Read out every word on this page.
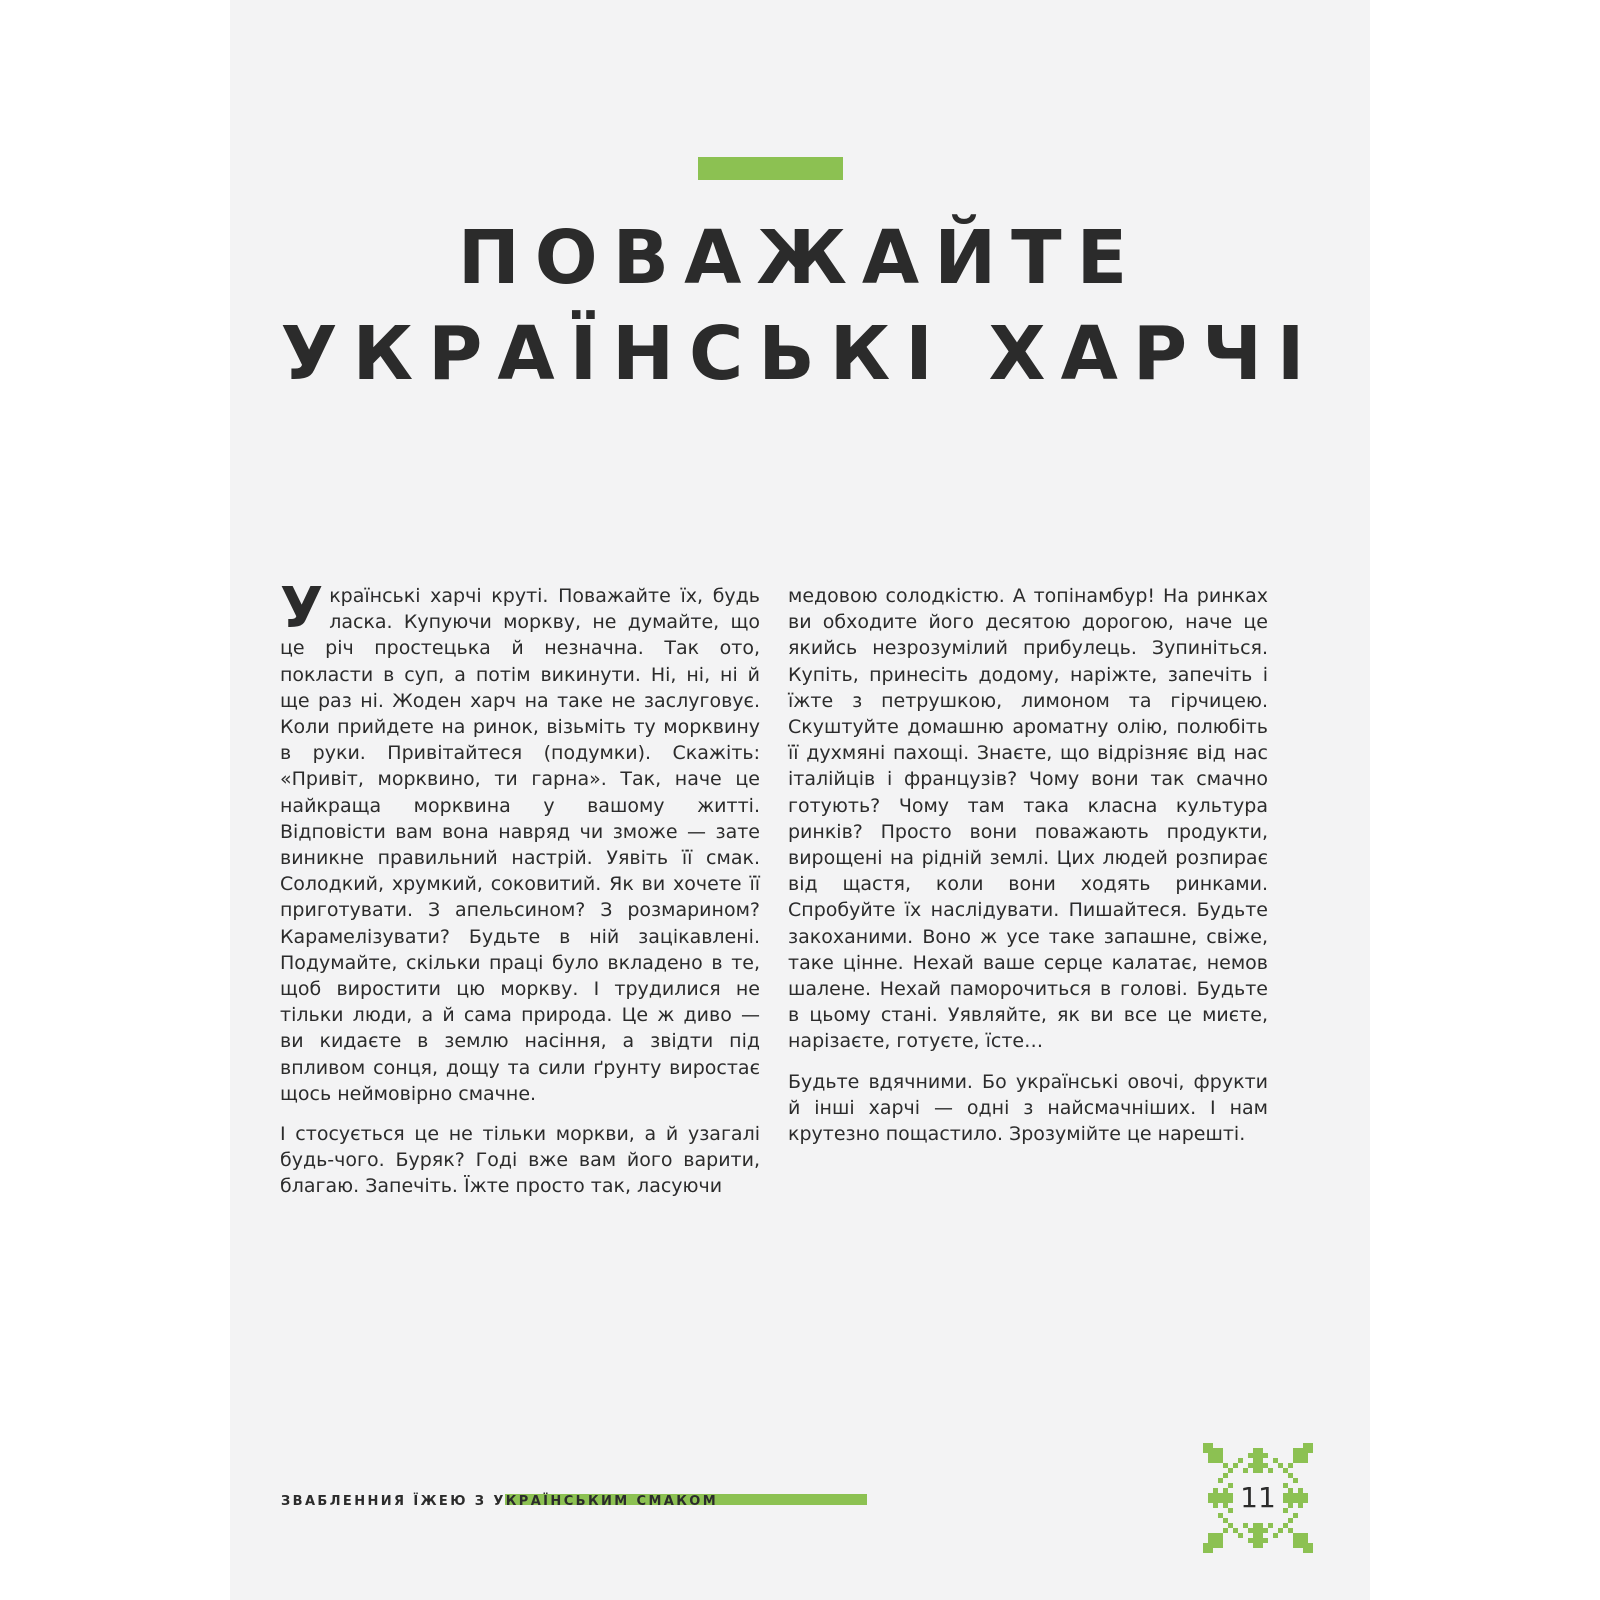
ПОВАЖАЙТЕ
УКРАЇНСЬКІ ХАРЧІ

Українські харчі круті. Поважайте їх, будь ласка. Купуючи моркву, не думайте, що це річ простецька й незначна. Так ото, покласти в суп, а потім викинути. Ні, ні, ні й ще раз ні. Жоден харч на таке не заслуговує. Коли прийдете на ринок, візьміть ту морквину в руки. Привітайтеся (подумки). Скажіть: «Привіт, морквино, ти гарна». Так, наче це найкраща морквина у вашому житті. Відповісти вам вона навряд чи зможе — зате виникне правильний настрій. Уявіть її смак. Солодкий, хрумкий, соковитий. Як ви хочете її приготувати. З апельсином? З розмарином? Карамелізувати? Будьте в ній зацікавлені. Подумайте, скільки праці було вкладено в те, щоб виростити цю моркву. І трудилися не тільки люди, а й сама природа. Це ж диво — ви кидаєте в землю насіння, а звідти під впливом сонця, дощу та сили ґрунту виростає щось неймовірно смачне.

І стосується це не тільки моркви, а й узагалі будь-чого. Буряк? Годі вже вам його варити, благаю. Запечіть. Їжте просто так, ласуючи

медовою солодкістю. А топінамбур! На ринках ви обходите його десятою дорогою, наче це якийсь незрозумілий прибулець. Зупиніться. Купіть, принесіть додому, наріжте, запечіть і їжте з петрушкою, лимоном та гірчицею. Скуштуйте домашню ароматну олію, полюбіть її духмяні пахощі. Знаєте, що відрізняє від нас італійців і французів? Чому вони так смачно готують? Чому там така класна культура ринків? Просто вони поважають продукти, вирощені на рідній землі. Цих людей розпирає від щастя, коли вони ходять ринками. Спробуйте їх наслідувати. Пишайтеся. Будьте закоханими. Воно ж усе таке запашне, свіже, таке цінне. Нехай ваше серце калатає, немов шалене. Нехай паморочиться в голові. Будьте в цьому стані. Уявляйте, як ви все це миєте, нарізаєте, готуєте, їсте…

Будьте вдячними. Бо українські овочі, фрукти й інші харчі — одні з найсмачніших. І нам крутезно пощастило. Зрозумійте це нарешті.

ЗВАБЛЕННИЯ ЇЖЕЮ З УКРАЇНСЬКИМ СМАКОМ	11
